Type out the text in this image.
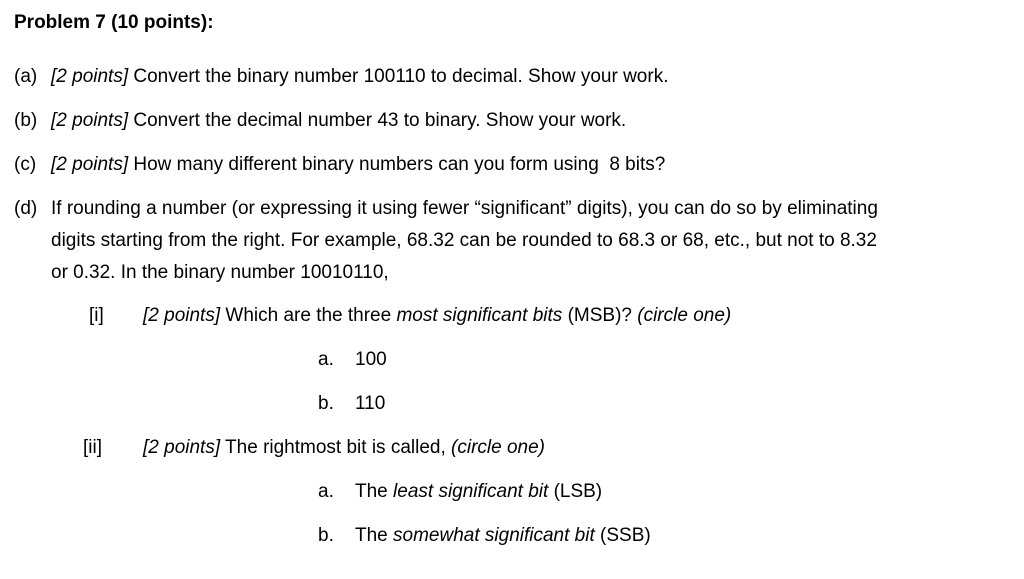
Problem 7 (10 points):
(a) [2 points] Convert the binary number 100110 to decimal. Show your work.
(b) [2 points] Convert the decimal number 43 to binary. Show your work.
(c) [2 points] How many different binary numbers can you form using  8 bits?
(d) If rounding a number (or expressing it using fewer “significant” digits), you can do so by eliminating
digits starting from the right. For example, 68.32 can be rounded to 68.3 or 68, etc., but not to 8.32
or 0.32. In the binary number 10010110,
[i] [2 points] Which are the three most significant bits (MSB)? (circle one)
a. 100
b. 110
[ii] [2 points] The rightmost bit is called, (circle one)
a. The least significant bit (LSB)
b. The somewhat significant bit (SSB)
